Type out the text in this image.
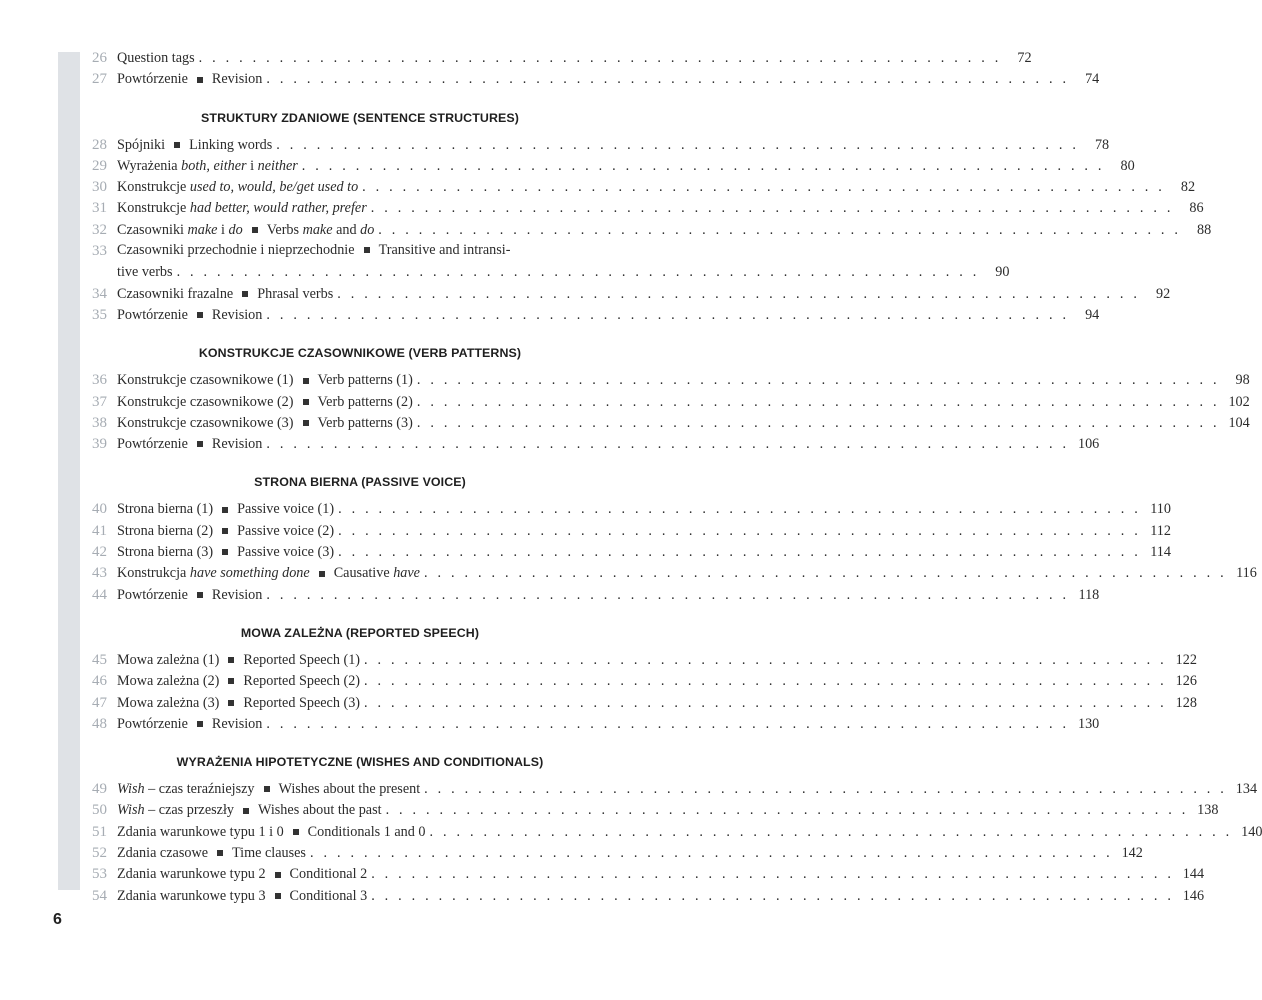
26 Question tags . . . . . . . . . . . . . . . . . . . . . . . . . . . . . . . . . . . . . . . . . . . . . . . . . . . . . . . . . . . .	72
27 Powtórzenie Revision . . . . . . . . . . . . . . . . . . . . . . . . . . . . . . . . . . . . . . . . . . . . . . . . . . . . . . . . . . . .	74
STRUKTURY ZDANIOWE (SENTENCE STRUCTURES)
28 Spójniki Linking words . . . . . . . . . . . . . . . . . . . . . . . . . . . . . . . . . . . . . . . . . . . . . . . . . . . . . . . . . . . .	78
29 Wyrażenia both, either i neither . . . . . . . . . . . . . . . . . . . . . . . . . . . . . . . . . . . . . . . . . . . . . . . . . . . . . . . . . . . .	80
30 Konstrukcje used to, would, be/get used to . . . . . . . . . . . . . . . . . . . . . . . . . . . . . . . . . . . . . . . . . . . . . . . . . . . . . . . . . . . .	82
31 Konstrukcje had better, would rather, prefer . . . . . . . . . . . . . . . . . . . . . . . . . . . . . . . . . . . . . . . . . . . . . . . . . . . . . . . . . . . .	86
32 Czasowniki make i do Verbs make and do . . . . . . . . . . . . . . . . . . . . . . . . . . . . . . . . . . . . . . . . . . . . . . . . . . . . . . . . . . . .	88
33 Czasowniki przechodnie i nieprzechodnie Transitive and intransi-
tive verbs . . . . . . . . . . . . . . . . . . . . . . . . . . . . . . . . . . . . . . . . . . . . . . . . . . . . . . . . . . . .	90
34 Czasowniki frazalne Phrasal verbs . . . . . . . . . . . . . . . . . . . . . . . . . . . . . . . . . . . . . . . . . . . . . . . . . . . . . . . . . . . .	92
35 Powtórzenie Revision . . . . . . . . . . . . . . . . . . . . . . . . . . . . . . . . . . . . . . . . . . . . . . . . . . . . . . . . . . . .	94
KONSTRUKCJE CZASOWNIKOWE (VERB PATTERNS)
36 Konstrukcje czasownikowe (1) Verb patterns (1) . . . . . . . . . . . . . . . . . . . . . . . . . . . . . . . . . . . . . . . . . . . . . . . . . . . . . . . . . . . .	98
37 Konstrukcje czasownikowe (2) Verb patterns (2) . . . . . . . . . . . . . . . . . . . . . . . . . . . . . . . . . . . . . . . . . . . . . . . . . . . . . . . . . . . . 102
38 Konstrukcje czasownikowe (3) Verb patterns (3) . . . . . . . . . . . . . . . . . . . . . . . . . . . . . . . . . . . . . . . . . . . . . . . . . . . . . . . . . . . . 104
39 Powtórzenie Revision . . . . . . . . . . . . . . . . . . . . . . . . . . . . . . . . . . . . . . . . . . . . . . . . . . . . . . . . . . . . 106
STRONA BIERNA (PASSIVE VOICE)
40 Strona bierna (1) Passive voice (1) . . . . . . . . . . . . . . . . . . . . . . . . . . . . . . . . . . . . . . . . . . . . . . . . . . . . . . . . . . . . 110
41 Strona bierna (2) Passive voice (2) . . . . . . . . . . . . . . . . . . . . . . . . . . . . . . . . . . . . . . . . . . . . . . . . . . . . . . . . . . . . 112
42 Strona bierna (3) Passive voice (3) . . . . . . . . . . . . . . . . . . . . . . . . . . . . . . . . . . . . . . . . . . . . . . . . . . . . . . . . . . . . 114
43 Konstrukcja have something done Causative have . . . . . . . . . . . . . . . . . . . . . . . . . . . . . . . . . . . . . . . . . . . . . . . . . . . . . . . . . . . . 116
44 Powtórzenie Revision . . . . . . . . . . . . . . . . . . . . . . . . . . . . . . . . . . . . . . . . . . . . . . . . . . . . . . . . . . . . 118
MOWA ZALEŻNA (REPORTED SPEECH)
45 Mowa zależna (1) Reported Speech (1) . . . . . . . . . . . . . . . . . . . . . . . . . . . . . . . . . . . . . . . . . . . . . . . . . . . . . . . . . . . . 122
46 Mowa zależna (2) Reported Speech (2) . . . . . . . . . . . . . . . . . . . . . . . . . . . . . . . . . . . . . . . . . . . . . . . . . . . . . . . . . . . . 126
47 Mowa zależna (3) Reported Speech (3) . . . . . . . . . . . . . . . . . . . . . . . . . . . . . . . . . . . . . . . . . . . . . . . . . . . . . . . . . . . . 128
48 Powtórzenie Revision . . . . . . . . . . . . . . . . . . . . . . . . . . . . . . . . . . . . . . . . . . . . . . . . . . . . . . . . . . . . 130
WYRAŻENIA HIPOTETYCZNE (WISHES AND CONDITIONALS)
49 Wish – czas teraźniejszy Wishes about the present . . . . . . . . . . . . . . . . . . . . . . . . . . . . . . . . . . . . . . . . . . . . . . . . . . . . . . . . . . . . 134
50 Wish – czas przeszły Wishes about the past . . . . . . . . . . . . . . . . . . . . . . . . . . . . . . . . . . . . . . . . . . . . . . . . . . . . . . . . . . . . 138
51 Zdania warunkowe typu 1 i 0 Conditionals 1 and 0 . . . . . . . . . . . . . . . . . . . . . . . . . . . . . . . . . . . . . . . . . . . . . . . . . . . . . . . . . . . . 140
52 Zdania czasowe Time clauses . . . . . . . . . . . . . . . . . . . . . . . . . . . . . . . . . . . . . . . . . . . . . . . . . . . . . . . . . . . . 142
53 Zdania warunkowe typu 2 Conditional 2 . . . . . . . . . . . . . . . . . . . . . . . . . . . . . . . . . . . . . . . . . . . . . . . . . . . . . . . . . . . . 144
54 Zdania warunkowe typu 3 Conditional 3 . . . . . . . . . . . . . . . . . . . . . . . . . . . . . . . . . . . . . . . . . . . . . . . . . . . . . . . . . . . . 146
6
